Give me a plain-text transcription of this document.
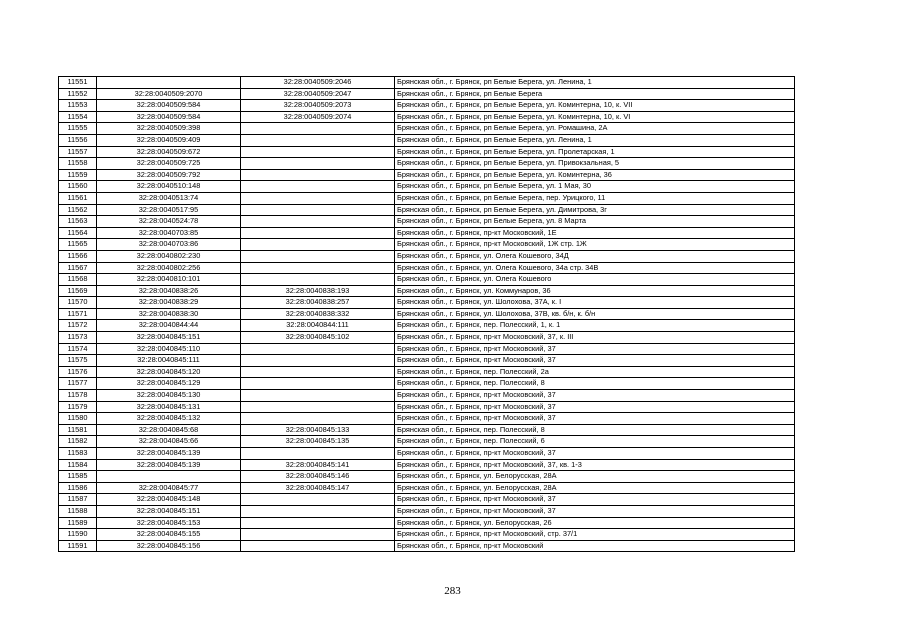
11551		32:28:0040509:2046	Брянская обл., г. Брянск, рп Белые Берега, ул. Ленина, 1
11552	32:28:0040509:2070	32:28:0040509:2047	Брянская обл., г. Брянск, рп Белые Берега
11553	32:28:0040509:584	32:28:0040509:2073	Брянская обл., г. Брянск, рп Белые Берега, ул. Коминтерна, 10, к. VII
11554	32:28:0040509:584	32:28:0040509:2074	Брянская обл., г. Брянск, рп Белые Берега, ул. Коминтерна, 10, к. VI
11555	32:28:0040509:398		Брянская обл., г. Брянск, рп Белые Берега, ул. Ромашина, 2А
11556	32:28:0040509:409		Брянская обл., г. Брянск, рп Белые Берега, ул. Ленина, 1
11557	32:28:0040509:672		Брянская обл., г. Брянск, рп Белые Берега, ул. Пролетарская, 1
11558	32:28:0040509:725		Брянская обл., г. Брянск, рп Белые Берега, ул. Привокзальная, 5
11559	32:28:0040509:792		Брянская обл., г. Брянск, рп Белые Берега, ул. Коминтерна, 36
11560	32:28:0040510:148		Брянская обл., г. Брянск, рп Белые Берега, ул. 1 Мая, 30
11561	32:28:0040513:74		Брянская обл., г. Брянск, рп Белые Берега, пер. Урицкого, 11
11562	32:28:0040517:95		Брянская обл., г. Брянск, рп Белые Берега, ул. Димитрова, 3г
11563	32:28:0040524:78		Брянская обл., г. Брянск, рп Белые Берега, ул. 8 Марта
11564	32:28:0040703:85		Брянская обл., г. Брянск, пр-кт Московский, 1Е
11565	32:28:0040703:86		Брянская обл., г. Брянск, пр-кт Московский, 1Ж стр. 1Ж
11566	32:28:0040802:230		Брянская обл., г. Брянск, ул. Олега Кошевого, 34Д
11567	32:28:0040802:256		Брянская обл., г. Брянск, ул. Олега Кошевого, 34а стр. 34В
11568	32:28:0040810:101		Брянская обл., г. Брянск, ул. Олега Кошевого
11569	32:28:0040838:26	32:28:0040838:193	Брянская обл., г. Брянск, ул. Коммунаров, 36
11570	32:28:0040838:29	32:28:0040838:257	Брянская обл., г. Брянск, ул. Шолохова, 37А, к. I
11571	32:28:0040838:30	32:28:0040838:332	Брянская обл., г. Брянск, ул. Шолохова, 37В, кв. б/н, к. б/н
11572	32:28:0040844:44	32:28:0040844:111	Брянская обл., г. Брянск, пер. Полесский, 1, к. 1
11573	32:28:0040845:151	32:28:0040845:102	Брянская обл., г. Брянск, пр-кт Московский, 37, к. III
11574	32:28:0040845:110		Брянская обл., г. Брянск, пр-кт Московский, 37
11575	32:28:0040845:111		Брянская обл., г. Брянск, пр-кт Московский, 37
11576	32:28:0040845:120		Брянская обл., г. Брянск, пер. Полесский, 2а
11577	32:28:0040845:129		Брянская обл., г. Брянск, пер. Полесский, 8
11578	32:28:0040845:130		Брянская обл., г. Брянск, пр-кт Московский, 37
11579	32:28:0040845:131		Брянская обл., г. Брянск, пр-кт Московский, 37
11580	32:28:0040845:132		Брянская обл., г. Брянск, пр-кт Московский, 37
11581	32:28:0040845:68	32:28:0040845:133	Брянская обл., г. Брянск, пер. Полесский, 8
11582	32:28:0040845:66	32:28:0040845:135	Брянская обл., г. Брянск, пер. Полесский, 6
11583	32:28:0040845:139		Брянская обл., г. Брянск, пр-кт Московский, 37
11584	32:28:0040845:139	32:28:0040845:141	Брянская обл., г. Брянск, пр-кт Московский, 37, кв. 1-3
11585		32:28:0040845:146	Брянская обл., г. Брянск, ул. Белорусская, 28А
11586	32:28:0040845:77	32:28:0040845:147	Брянская обл., г. Брянск, ул. Белорусская, 28А
11587	32:28:0040845:148		Брянская обл., г. Брянск, пр-кт Московский, 37
11588	32:28:0040845:151		Брянская обл., г. Брянск, пр-кт Московский, 37
11589	32:28:0040845:153		Брянская обл., г. Брянск, ул. Белорусская, 26
11590	32:28:0040845:155		Брянская обл., г. Брянск, пр-кт Московский, стр. 37/1
11591	32:28:0040845:156		Брянская обл., г. Брянск, пр-кт Московский
283
